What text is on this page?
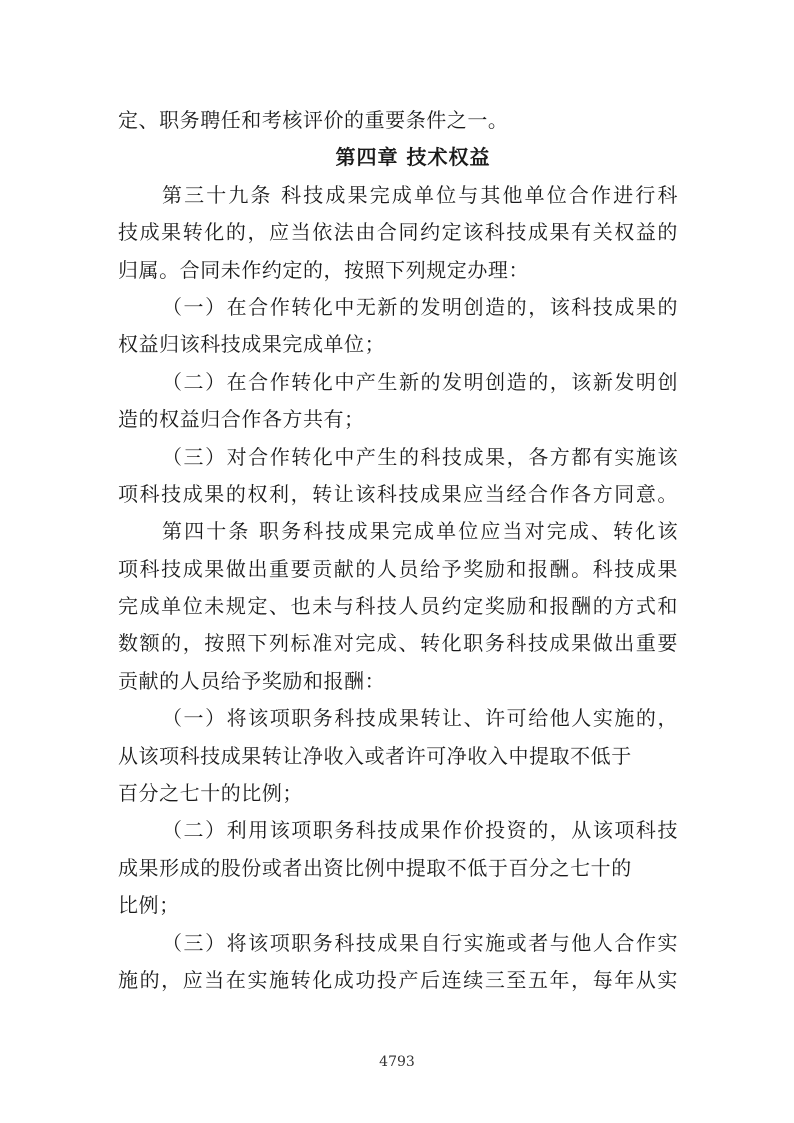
定、职务聘任和考核评价的重要条件之一。
第四章 技术权益
第三十九条 科技成果完成单位与其他单位合作进行科
技成果转化的，应当依法由合同约定该科技成果有关权益的
归属。合同未作约定的，按照下列规定办理：
（一）在合作转化中无新的发明创造的，该科技成果的
权益归该科技成果完成单位；
（二）在合作转化中产生新的发明创造的，该新发明创
造的权益归合作各方共有；
（三）对合作转化中产生的科技成果，各方都有实施该
项科技成果的权利，转让该科技成果应当经合作各方同意。
第四十条 职务科技成果完成单位应当对完成、转化该
项科技成果做出重要贡献的人员给予奖励和报酬。科技成果
完成单位未规定、也未与科技人员约定奖励和报酬的方式和
数额的，按照下列标准对完成、转化职务科技成果做出重要
贡献的人员给予奖励和报酬：
（一）将该项职务科技成果转让、许可给他人实施的，
从该项科技成果转让净收入或者许可净收入中提取不低于
百分之七十的比例；
（二）利用该项职务科技成果作价投资的，从该项科技
成果形成的股份或者出资比例中提取不低于百分之七十的
比例；
（三）将该项职务科技成果自行实施或者与他人合作实
施的，应当在实施转化成功投产后连续三至五年，每年从实
4793
